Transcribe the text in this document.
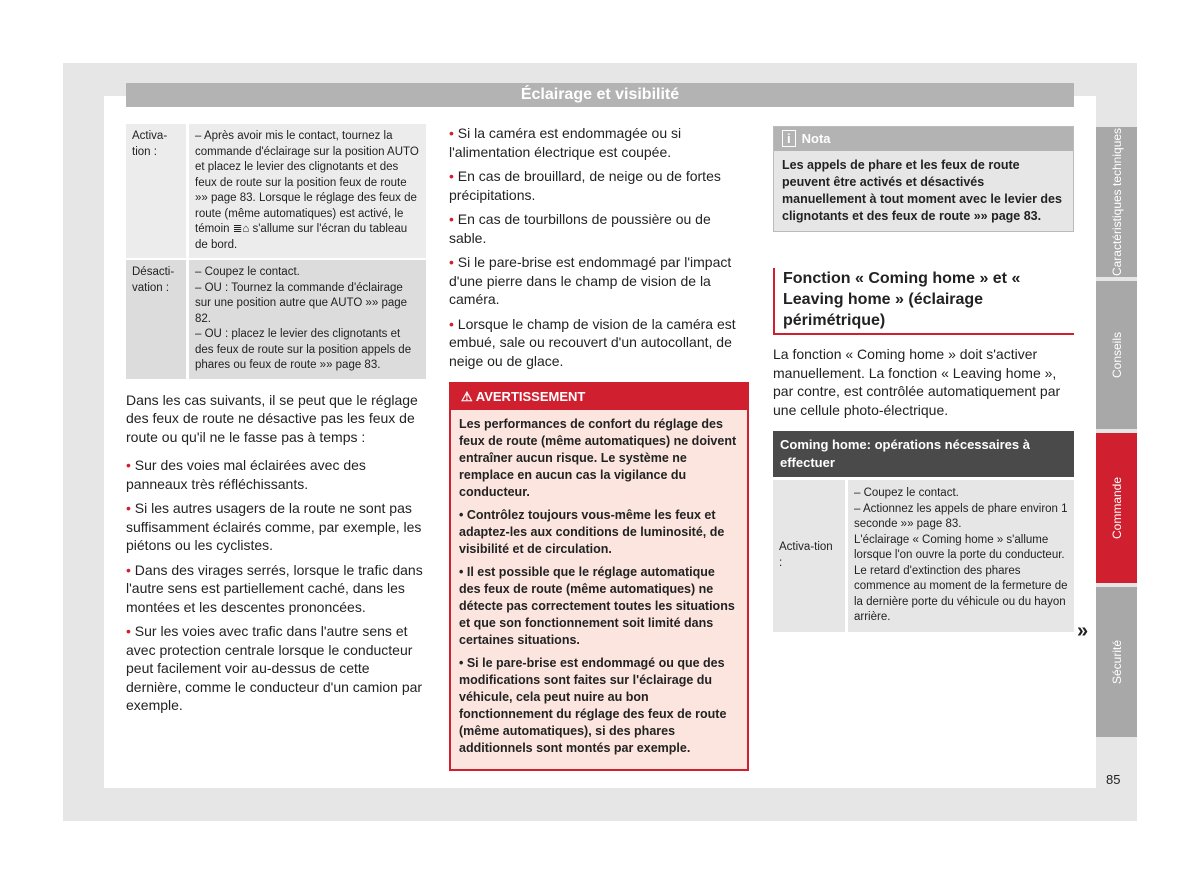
Éclairage et visibilité
Activa-tion :	– Après avoir mis le contact, tournez la commande d'éclairage sur la position AUTO et placez le levier des clignotants et des feux de route sur la position feux de route »» page 83. Lorsque le réglage des feux de route (même automatiques) est activé, le témoin ≣⌂ s'allume sur l'écran du tableau de bord.

Désacti-vation :	– Coupez le contact.
– OU : Tournez la commande d'éclairage sur une position autre que AUTO »» page 82.
– OU : placez le levier des clignotants et des feux de route sur la position appels de phares ou feux de route »» page 83.

Dans les cas suivants, il se peut que le réglage des feux de route ne désactive pas les feux de route ou qu'il ne le fasse pas à temps :

• Sur des voies mal éclairées avec des panneaux très réfléchissants.
• Si les autres usagers de la route ne sont pas suffisamment éclairés comme, par exemple, les piétons ou les cyclistes.
• Dans des virages serrés, lorsque le trafic dans l'autre sens est partiellement caché, dans les montées et les descentes prononcées.
• Sur les voies avec trafic dans l'autre sens et avec protection centrale lorsque le conducteur peut facilement voir au-dessus de cette dernière, comme le conducteur d'un camion par exemple.
• Si la caméra est endommagée ou si l'alimentation électrique est coupée.
• En cas de brouillard, de neige ou de fortes précipitations.
• En cas de tourbillons de poussière ou de sable.
• Si le pare-brise est endommagé par l'impact d'une pierre dans le champ de vision de la caméra.
• Lorsque le champ de vision de la caméra est embué, sale ou recouvert d'un autocollant, de neige ou de glace.
⚠ AVERTISSEMENT
Les performances de confort du réglage des feux de route (même automatiques) ne doivent entraîner aucun risque. Le système ne remplace en aucun cas la vigilance du conducteur.
• Contrôlez toujours vous-même les feux et adaptez-les aux conditions de luminosité, de visibilité et de circulation.
• Il est possible que le réglage automatique des feux de route (même automatiques) ne détecte pas correctement toutes les situations et que son fonctionnement soit limité dans certaines situations.
• Si le pare-brise est endommagé ou que des modifications sont faites sur l'éclairage du véhicule, cela peut nuire au bon fonctionnement du réglage des feux de route (même automatiques), si des phares additionnels sont montés par exemple.
i Nota
Les appels de phare et les feux de route peuvent être activés et désactivés manuellement à tout moment avec le levier des clignotants et des feux de route »» page 83.
Fonction « Coming home » et « Leaving home » (éclairage périmétrique)

La fonction « Coming home » doit s'activer manuellement. La fonction « Leaving home », par contre, est contrôlée automatiquement par une cellule photo-électrique.

Coming home: opérations nécessaires à effectuer
Activa-tion :
– Coupez le contact.
– Actionnez les appels de phare environ 1 seconde »» page 83.
L'éclairage « Coming home » s'allume lorsque l'on ouvre la porte du conducteur. Le retard d'extinction des phares commence au moment de la fermeture de la dernière porte du véhicule ou du hayon arrière.
»
Caractéristiques techniques
Conseils
Commande
Sécurité
85
